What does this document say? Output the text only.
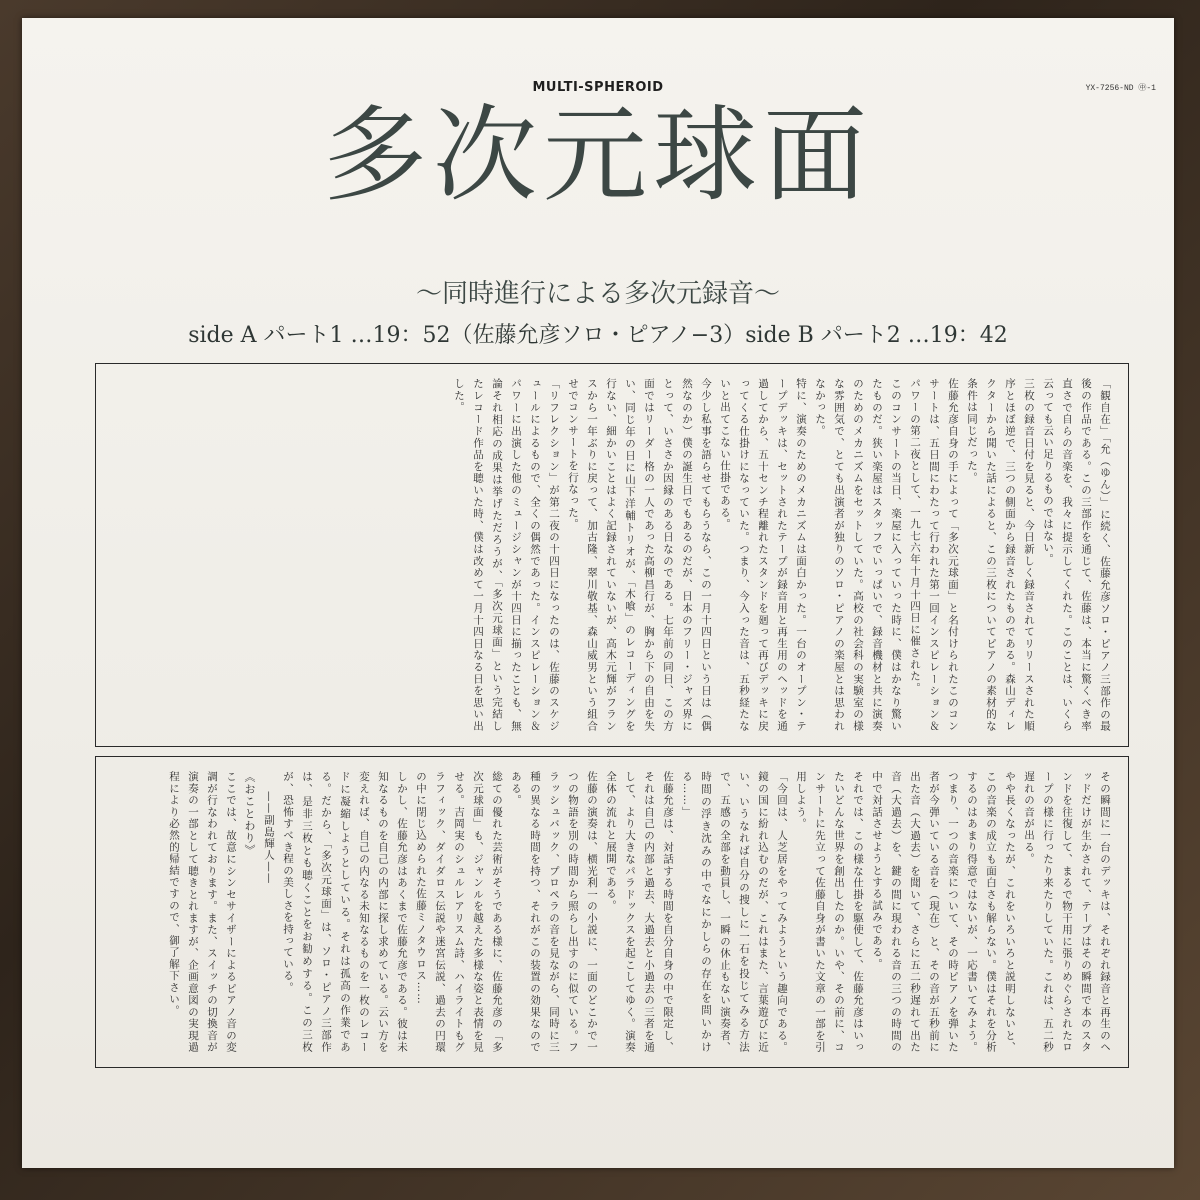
MULTI-SPHEROID	YX-7256-ND ㊥-1
多次元球面
〜同時進行による多次元録音〜
side A パート1 …19：52（佐藤允彦ソロ・ピアノ−3）side B パート2 …19：42
「観自在」「允（ゆん）」に続く、佐藤允彦ソロ・ピアノ三部作の最後の作品である。この三部作を通じて、佐藤は、本当に驚くべき率直さで自らの音楽を、我々に提示してくれた。このことは、いくら云っても云い足りるものではない。
三枚の録音日付を見ると、今日新しく録音されてリリースされた順序とほぼ逆で、三つの側面から録音されたものである。森山ディレクターから聞いた話によると、この三枚についてピアノの素材的な条件は同じだった。
佐藤允彦自身の手によって「多次元球面」と名付けられたこのコンサートは、五日間にわたって行われた第一回インスピレーション＆パワーの第二夜として、一九七六年十月十四日に催された。
このコンサートの当日、楽屋に入っていった時に、僕はかなり驚いたものだ。狭い楽屋はスタッフでいっぱいで、録音機材と共に演奏のためのメカニズムをセットしていた。高校の社会科の実験室の様な雰囲気で、とても出演者が独りのソロ・ピアノの楽屋とは思われなかった。
特に、演奏のためのメカニズムは面白かった。一台のオープン・テープデッキは、セットされたテープが録音用と再生用のヘッドを通過してから、五十センチ程離れたスタンドを廻って再びデッキに戻ってくる仕掛けになっていた。つまり、今入った音は、五秒経たないと出てこない仕掛である。
今少し私事を語らせてもらうなら、この一月十四日という日は（偶然なのか）僕の誕生日でもあるのだが、日本のフリー・ジャズ界にとって、いささか因縁のある日なのである。七年前の同日、この方面ではリーダー格の一人であった高柳昌行が、胸から下の自由を失い、同じ年の日に山下洋輔トリオが、「木喰」のレコーディングを行ない、細かいことはよく記録されていないが、高木元輝がフランスから一年ぶりに戻って、加古隆、翠川敬基、森山威男という組合せでコンサートを行なった。
「リフレクション」が第二夜の十四日になったのは、佐藤のスケジュールによるもので、全くの偶然であった。インスピレーション＆パワーに出演した他のミュージシャンが十四日に揃ったことも、無論それ相応の成果は挙げただろうが、「多次元球面」という完結したレコード作品を聴いた時、僕は改めて一月十四日なる日を思い出した。
その瞬間に一台のデッキは、それぞれ録音と再生のヘッドだけが生かされて、テープはその瞬間で本のスタンドを往復して、まるで物干用に張りめぐらされたロープの様に行ったり来たりしていた。これは、五二秒遅れの音が出る。
やや長くなったが、これをいろいろと説明しないと、この音楽の成立も面白さも解らない。僕はそれを分析するのはあまり得意ではないが、一応書いてみよう。つまり、一つの音楽について、その時ピアノを弾いた者が今弾いている音を（現在）と、その音が五秒前に出た音（大過去）を聞いて、さらに五二秒遅れて出た音（大過去）を、鍵の間に現われる音の三つの時間の中で対話させようとする試みである。
それでは、この様な仕掛を駆使して、佐藤允彦はいったいどんな世界を創出したのか。いや、その前に、コンサートに先立って佐藤自身が書いた文章の一部を引用しよう。
「今回は、人芝居をやってみようという趣向である。鏡の国に紛れ込むのだが、これはまた、言葉遊びに近い、いうなれば自分の捜しに一石を投じてみる方法で、五感の全部を動員し、一瞬の休止もない演奏者、時間の浮き沈みの中でなにかしらの存在を問いかける……」
佐藤允彦は、対話する時間を自分自身の中で限定し、それは自己の内部と過去、大過去と小過去の三者を通して、より大きなパラドックスを起こしてゆく。演奏全体の流れと展開である。
佐藤の演奏は、横光利一の小説に、一面のどこかで一つの物語を別の時間から照らし出すのに似ている。フラッシュバック、プロペラの音を見ながら、同時に三種の異なる時間を持つ、それがこの装置の効果なのである。
総ての優れた芸術がそうである様に、佐藤允彦の「多次元球面」も、ジャンルを越えた多様な姿と表情を見せる。吉岡実のシュルレアリスム詩、ハイライトもグラフィック、ダイダロス伝説や迷宮伝説、過去の円環の中に閉じ込められた佐藤ミノタウロス……
しかし、佐藤允彦はあくまで佐藤允彦である。彼は未知なるものを自己の内部に探し求めている。云い方を変えれば、自己の内なる未知なるものを一枚のレコードに凝縮しようとしている。それは孤高の作業である。だから、「多次元球面」は、ソロ・ピアノ三部作は、是非三枚とも聴くことをお勧めする。この三枚が、恐怖すべき程の美しさを持っている。
——副島輝人——
《おことわり》
ここでは、故意にシンセサイザーによるピアノ音の変調が行なわれております。また、スイッチの切換音が演奏の一部として聴きとれますが、企画意図の実現過程により必然的帰結ですので、御了解下さい。
